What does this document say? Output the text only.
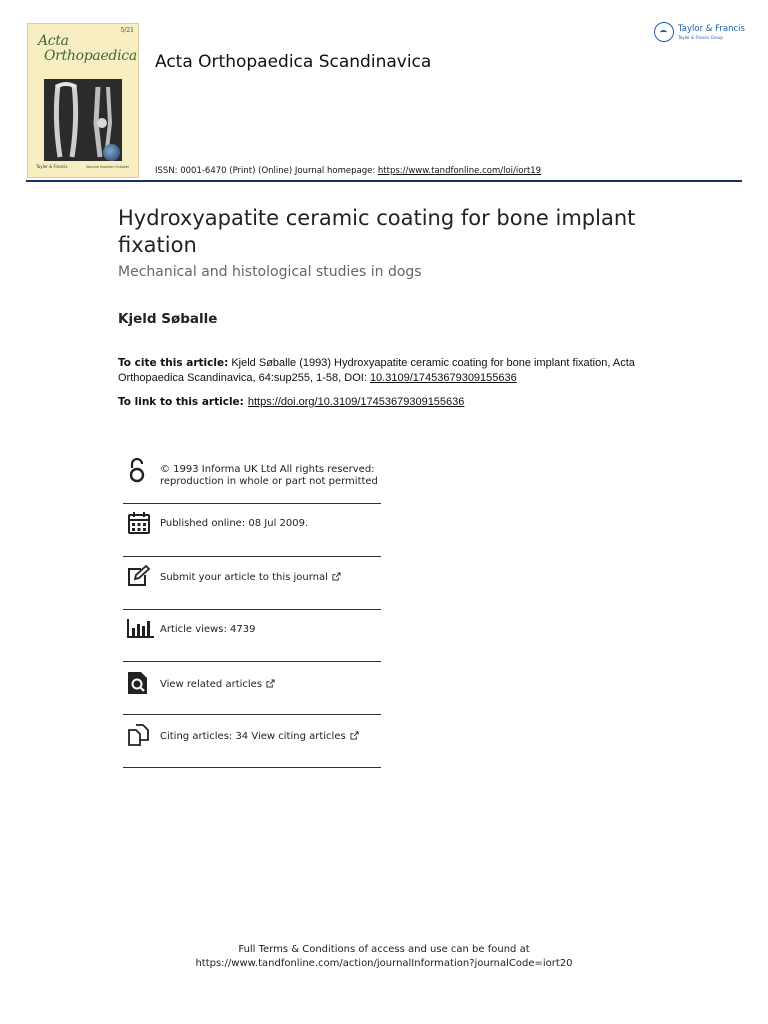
5/21
Acta
Orthopaedica
Taylor & Francis	Volume Number October
Acta Orthopaedica Scandinavica
ISSN: 0001-6470 (Print) (Online) Journal homepage: https://www.tandfonline.com/loi/iort19
Taylor & Francis
Taylor & Francis Group
Hydroxyapatite ceramic coating for bone implant fixation
Mechanical and histological studies in dogs
Kjeld Søballe
To cite this article: Kjeld Søballe (1993) Hydroxyapatite ceramic coating for bone implant fixation, Acta Orthopaedica Scandinavica, 64:sup255, 1-58, DOI: 10.3109/17453679309155636
To link to this article: https://doi.org/10.3109/17453679309155636
© 1993 Informa UK Ltd All rights reserved:
reproduction in whole or part not permitted
Published online: 08 Jul 2009.
Submit your article to this journal
Article views: 4739
View related articles
Citing articles: 34 View citing articles
Full Terms & Conditions of access and use can be found at
https://www.tandfonline.com/action/journalInformation?journalCode=iort20
